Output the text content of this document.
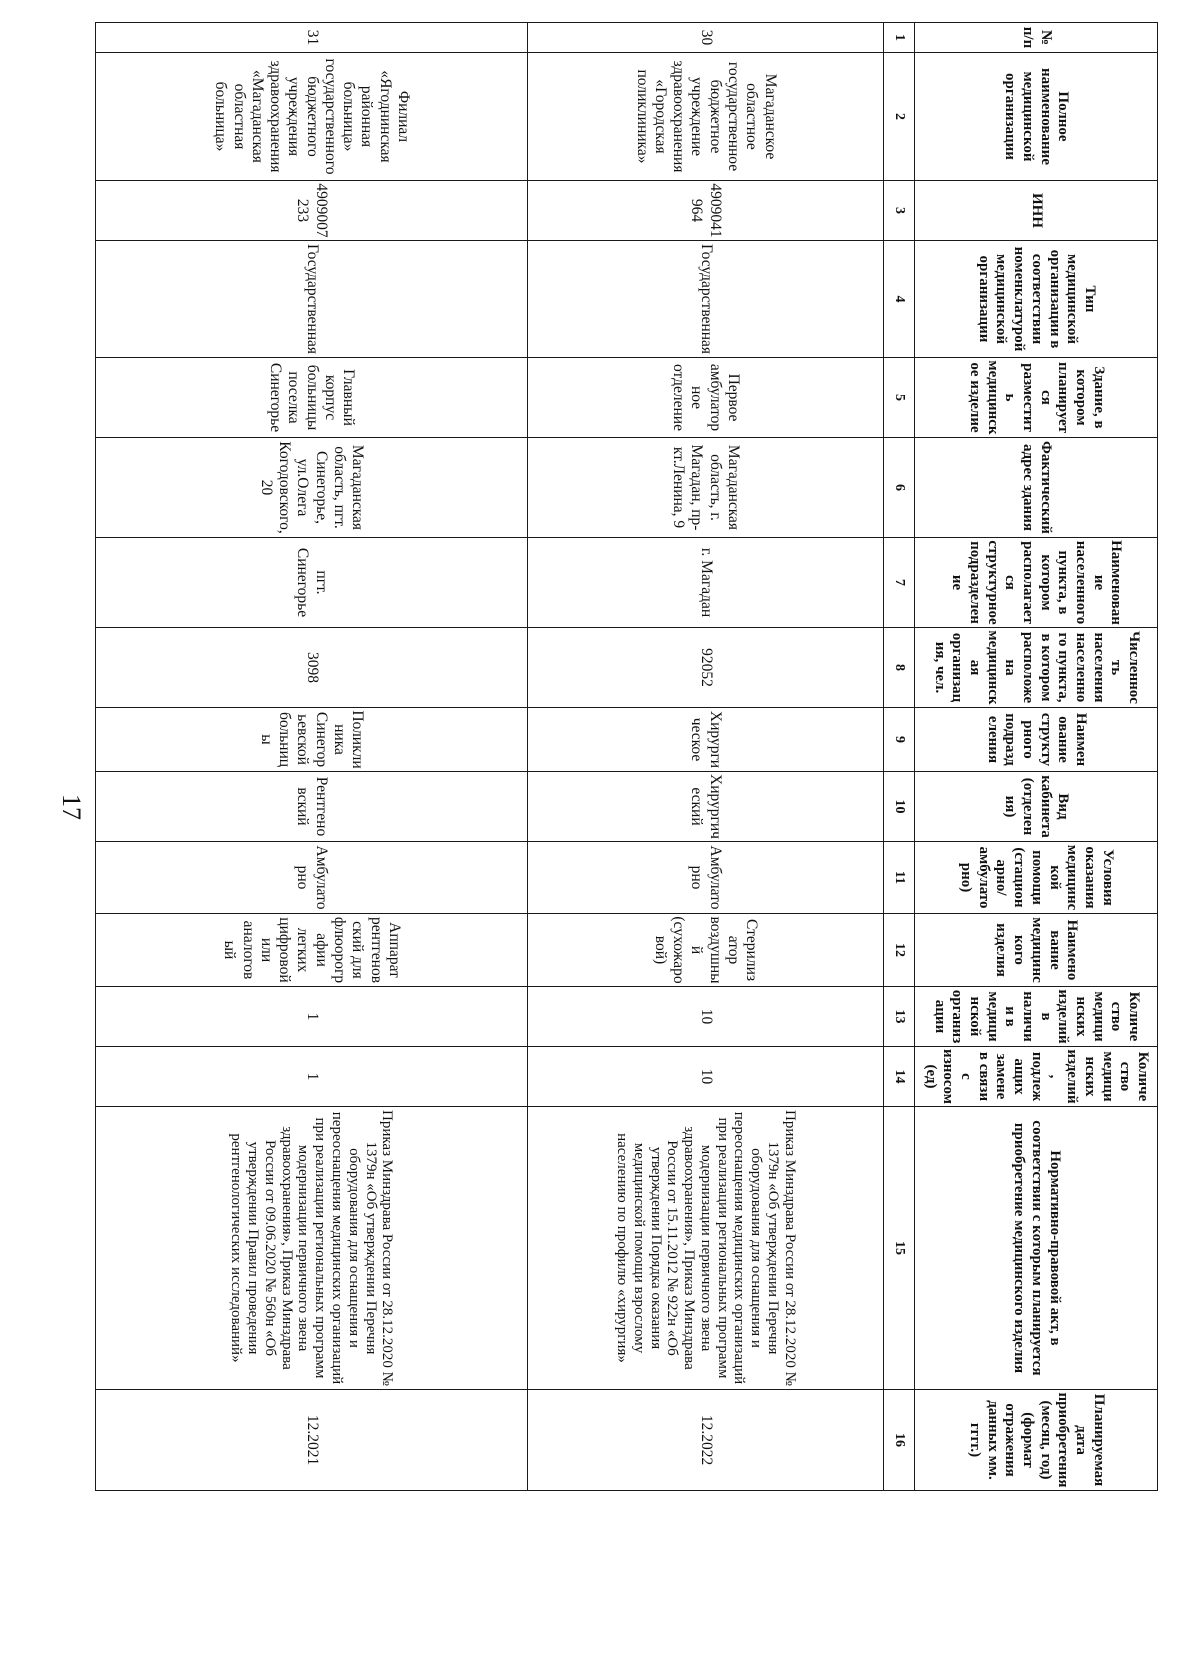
17
№ п/п	Полное наименование медицинской организации	ИНН	Тип медицинской организации в соответствии номенклатурой медицинской организации	Здание, в котором планируется разместить медицинское изделие	Фактический адрес здания	Наименование населенного пункта, в котором располагается структурное подразделение	Численность населения населенного пункта, в котором расположена медицинская организация, чел.	Наименование структурного подразделения	Вид кабинета (отделения)	Условия оказания медицинской помощи (стационарно/ амбулаторно)	Наименование медицинского изделия	Количество медицинских изделий в наличии в медицинской организации	Количество медицинских изделий, подлежащих замене в связи с износом (ед)	Нормативно-правовой акт, в соответствии с которым планируется приобретение медицинского изделия	Планируемая дата приобретения (месяц, год) (формат отражения данных мм. гггг.)
1	2	3	4	5	6	7	8	9	10	11	12	13	14	15	16
30	Магаданское областное государственное бюджетное учреждение здравоохранения «Городская поликлиника»	4909041964	Государственная	Первое амбулаторное отделение	Магаданская область, г. Магадан, пр-кт.Ленина, 9	г. Магадан	92052	Хирургическое	Хирургический	Амбулаторно	Стерилизатор воздушный (сухожаровой)	10	10	Приказ Минздрава России от 28.12.2020 № 1379н «Об утверждении Перечня оборудования для оснащения и переоснащения медицинских организаций при реализации региональных программ модернизации первичного звена здравоохранения», Приказ Минздрава России от 15.11.2012 № 922н «Об утверждении Порядка оказания медицинской помощи взрослому населению по профилю «хирургия»	12.2022
31	Филиал «Ягоднинская районная больница» государственного бюджетного учреждения здравоохранения «Магаданская областная больница»	4909007233	Государственная	Главный корпус больницы поселка Синегорье	Магаданская область, пгт. Синегорье, ул.Олега Когодовского, 20	пгт. Синегорье	3098	Поликлиника Синегорьевской больницы	Рентгеновский	Амбулаторно	Аппарат рентгеновский для флюорографии легких цифровой или аналоговый	1	1	Приказ Минздрава России от 28.12.2020 № 1379н «Об утверждении Перечня оборудования для оснащения и переоснащения медицинских организаций при реализации региональных программ модернизации первичного звена здравоохранения», Приказ Минздрава России от 09.06.2020 № 560н «Об утверждении Правил проведения рентгенологических исследований»	12.2021
